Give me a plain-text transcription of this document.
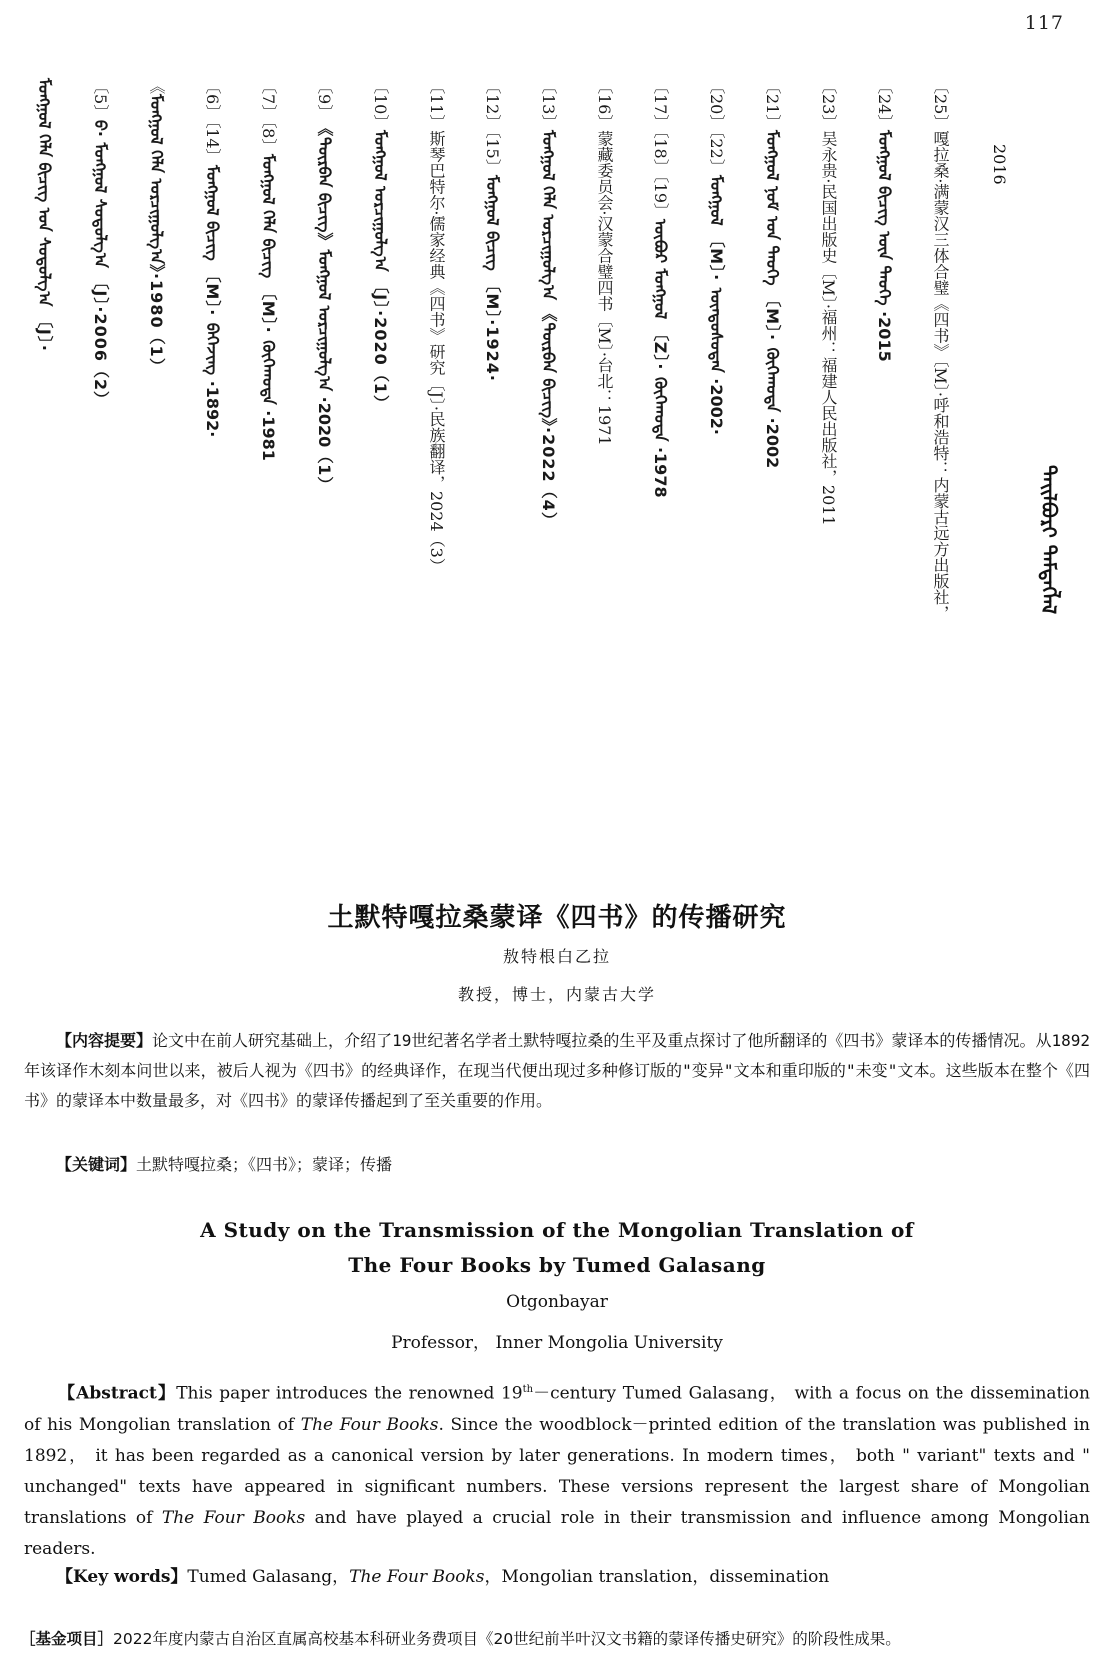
117
ᠲᠠᠢᠯᠪᠤᠷᠢ ᠲᠡᠮᠳᠡᠭᠯᠡᠯ
2016
〔25〕嘎拉桑·满蒙汉三体合璧《四书》〔M〕·呼和浩特：内蒙古远方出版社，
〔24〕ᠮᠣᠩᠭᠣᠯ ᠪᠢᠴᠢᠭ ᠦᠨ ᠲᠡᠦᠬᠡ ·2015
〔23〕吴永贵·民国出版史〔M〕·福州：福建人民出版社，2011
〔21〕ᠮᠣᠩᠭᠣᠯ ᠨᠣᠮ ᠤᠨ ᠲᠡᠦᠬᠡ 〔M〕· ᠬᠥᠬᠡᠬᠣᠲᠠ ·2002
〔20〕〔22〕ᠮᠣᠩᠭᠣᠯ 〔M〕· ᠦᠨᠳᠦᠰᠦᠲᠡᠨ ·2002·
〔17〕〔18〕〔19〕ᠦᠪᠦᠷ ᠮᠣᠩᠭᠣᠯ 〔Z〕· ᠬᠥᠬᠡᠬᠣᠲᠠ ·1978
〔16〕蒙藏委员会·汉蒙合璧四书〔M〕·台北：1971
〔13〕ᠮᠣᠩᠭᠣᠯ ᠬᠡᠯᠡ ᠤᠷᠴᠢᠭᠤᠯᠭ᠎ᠠ 《ᠳᠥᠷᠪᠡᠨ ᠪᠢᠴᠢᠭ》·2022（4）
〔12〕〔15〕ᠮᠣᠩᠭᠣᠯ ᠪᠢᠴᠢᠭ 〔M〕·1924·
〔11〕斯琴巴特尔·儒家经典《四书》研究〔J〕·民族翻译，2024（3）
〔10〕ᠮᠣᠩᠭᠣᠯ ᠣᠷᠴᠢᠭᠤᠯᠭ᠎ᠠ 〔J〕·2020（1）
〔9〕《ᠳᠥᠷᠪᠡᠨ ᠪᠢᠴᠢᠭ》ᠮᠣᠩᠭᠣᠯ ᠣᠷᠴᠢᠭᠤᠯᠭ᠎ᠠ ·2020（1）
〔7〕〔8〕ᠮᠣᠩᠭᠣᠯ ᠬᠡᠯᠡ ᠪᠢᠴᠢᠭ 〔M〕· ᠬᠥᠬᠡᠬᠣᠲᠠ ·1981
〔6〕〔14〕ᠮᠣᠩᠭᠣᠯ ᠪᠢᠴᠢᠭ 〔M〕· ᠪᠡᠭᠡᠵᠢᠩ ·1892·
《ᠮᠣᠩᠭᠣᠯ ᠬᠡᠯᠡ ᠤᠷᠴᠢᠭᠤᠯᠭ᠎ᠠ》·1980（1）
〔5〕ᠪ· ᠮᠣᠩᠭᠣᠯ ᠰᠤᠳᠤᠯᠭ᠎ᠠ 〔J〕·2006（2）
ᠮᠣᠩᠭᠣᠯ ᠬᠡᠯᠡ ᠪᠢᠴᠢᠭ ᠤᠨ ᠰᠤᠳᠤᠯᠭ᠎ᠠ 〔J〕·
土默特嘎拉桑蒙译《四书》的传播研究
敖特根白乙拉
教授，博士，内蒙古大学

【内容提要】论文中在前人研究基础上，介绍了19世纪著名学者土默特嘎拉桑的生平及重点探讨了他所翻译的《四书》蒙译本的传播情况。从1892年该译作木刻本问世以来，被后人视为《四书》的经典译作，在现当代便出现过多种修订版的"变异"文本和重印版的"未变"文本。这些版本在整个《四书》的蒙译本中数量最多，对《四书》的蒙译传播起到了至关重要的作用。

【关键词】土默特嘎拉桑；《四书》；蒙译；传播
A Study on the Transmission of the Mongolian Translation of
The Four Books by Tumed Galasang
Otgonbayar
Professor， Inner Mongolia University

【Abstract】This paper introduces the renowned 19th－century Tumed Galasang， with a focus on the dissemination of his Mongolian translation of The Four Books. Since the woodblock－printed edition of the translation was published in 1892， it has been regarded as a canonical version by later generations. In modern times， both " variant" texts and " unchanged" texts have appeared in significant numbers. These versions represent the largest share of Mongolian translations of The Four Books and have played a crucial role in their transmission and influence among Mongolian readers.

【Key words】Tumed Galasang，The Four Books，Mongolian translation，dissemination
［基金项目］2022年度内蒙古自治区直属高校基本科研业务费项目《20世纪前半叶汉文书籍的蒙译传播史研究》的阶段性成果。
